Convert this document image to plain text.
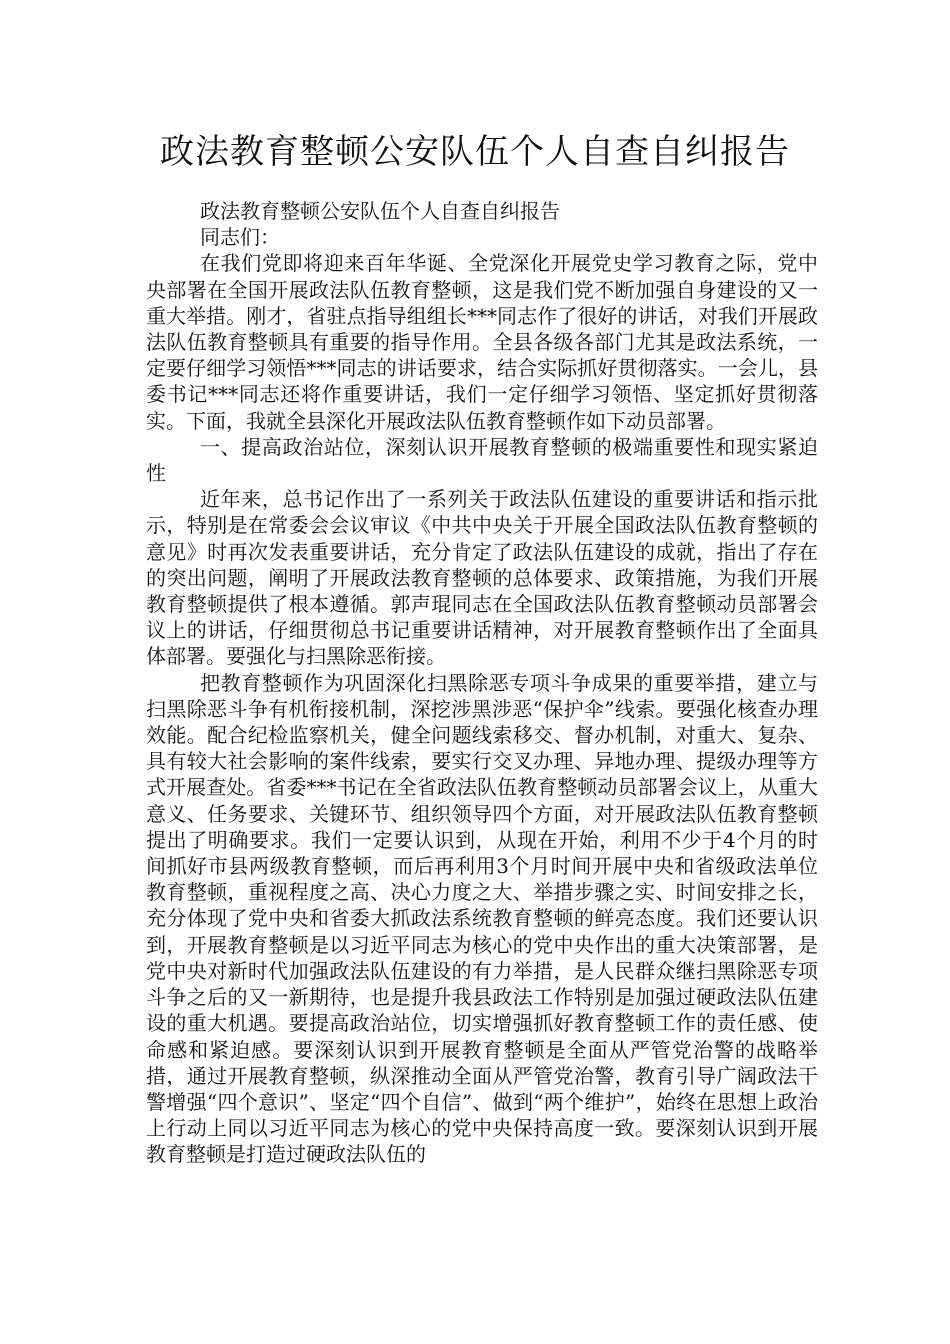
政法教育整顿公安队伍个人自查自纠报告

政法教育整顿公安队伍个人自查自纠报告

同志们：

在我们党即将迎来百年华诞、全党深化开展党史学习教育之际，党中央部署在全国开展政法队伍教育整顿，这是我们党不断加强自身建设的又一重大举措。刚才，省驻点指导组组长***同志作了很好的讲话，对我们开展政法队伍教育整顿具有重要的指导作用。全县各级各部门尤其是政法系统，一定要仔细学习领悟***同志的讲话要求，结合实际抓好贯彻落实。一会儿，县委书记***同志还将作重要讲话，我们一定仔细学习领悟、坚定抓好贯彻落实。下面，我就全县深化开展政法队伍教育整顿作如下动员部署。

一、提高政治站位，深刻认识开展教育整顿的极端重要性和现实紧迫性

近年来，总书记作出了一系列关于政法队伍建设的重要讲话和指示批示，特别是在常委会会议审议《中共中央关于开展全国政法队伍教育整顿的意见》时再次发表重要讲话，充分肯定了政法队伍建设的成就，指出了存在的突出问题，阐明了开展政法教育整顿的总体要求、政策措施，为我们开展教育整顿提供了根本遵循。郭声琨同志在全国政法队伍教育整顿动员部署会议上的讲话，仔细贯彻总书记重要讲话精神，对开展教育整顿作出了全面具体部署。要强化与扫黑除恶衔接。

把教育整顿作为巩固深化扫黑除恶专项斗争成果的重要举措，建立与扫黑除恶斗争有机衔接机制，深挖涉黑涉恶“保护伞”线索。要强化核查办理效能。配合纪检监察机关，健全问题线索移交、督办机制，对重大、复杂、具有较大社会影响的案件线索，要实行交叉办理、异地办理、提级办理等方式开展查处。省委***书记在全省政法队伍教育整顿动员部署会议上，从重大意义、任务要求、关键环节、组织领导四个方面，对开展政法队伍教育整顿提出了明确要求。我们一定要认识到，从现在开始，利用不少于4个月的时间抓好市县两级教育整顿，而后再利用3个月时间开展中央和省级政法单位教育整顿，重视程度之高、决心力度之大、举措步骤之实、时间安排之长，充分体现了党中央和省委大抓政法系统教育整顿的鲜亮态度。我们还要认识到，开展教育整顿是以习近平同志为核心的党中央作出的重大决策部署，是党中央对新时代加强政法队伍建设的有力举措，是人民群众继扫黑除恶专项斗争之后的又一新期待，也是提升我县政法工作特别是加强过硬政法队伍建设的重大机遇。要提高政治站位，切实增强抓好教育整顿工作的责任感、使命感和紧迫感。要深刻认识到开展教育整顿是全面从严管党治警的战略举措，通过开展教育整顿，纵深推动全面从严管党治警，教育引导广阔政法干警增强“四个意识”、坚定“四个自信”、做到“两个维护”，始终在思想上政治上行动上同以习近平同志为核心的党中央保持高度一致。要深刻认识到开展教育整顿是打造过硬政法队伍的
